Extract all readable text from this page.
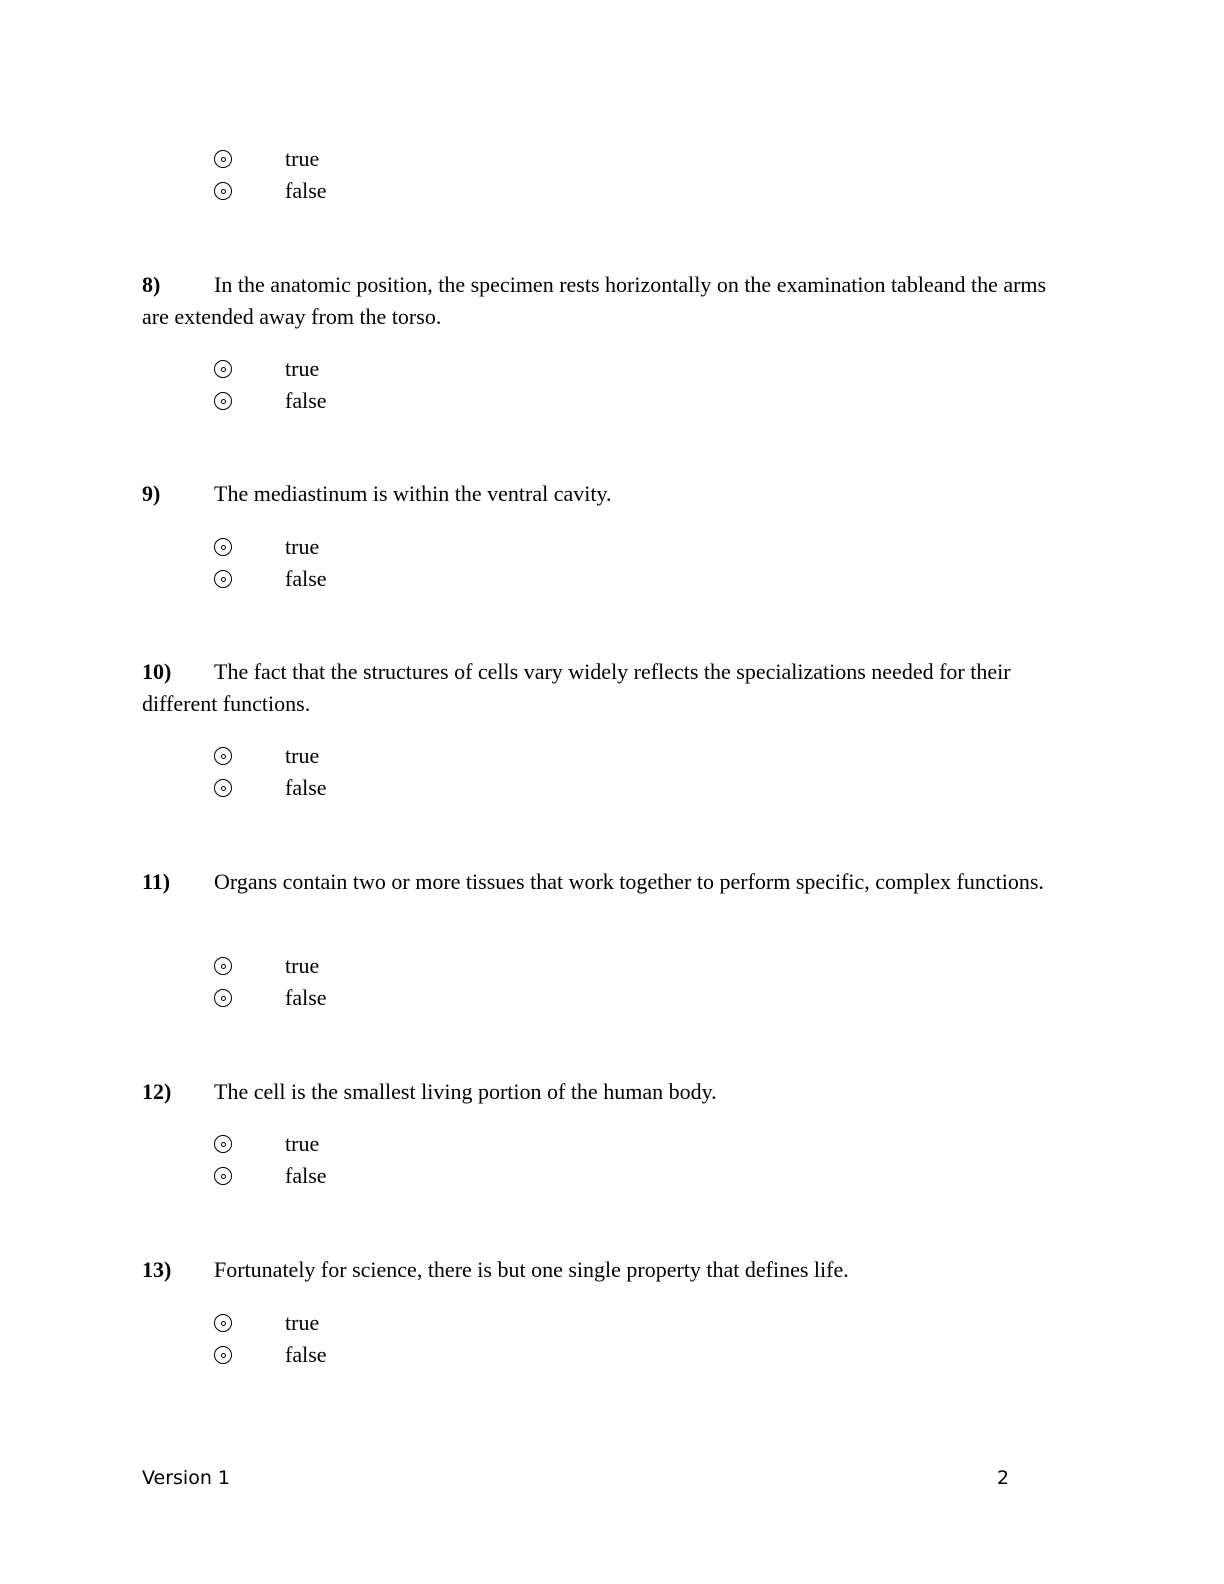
true
false
8) In the anatomic position, the specimen rests horizontally on the examination tableand the arms are extended away from the torso.
true
false
9) The mediastinum is within the ventral cavity.
true
false
10) The fact that the structures of cells vary widely reflects the specializations needed for their different functions.
true
false
11) Organs contain two or more tissues that work together to perform specific, complex functions.
true
false
12) The cell is the smallest living portion of the human body.
true
false
13) Fortunately for science, there is but one single property that defines life.
true
false
Version 1	2
